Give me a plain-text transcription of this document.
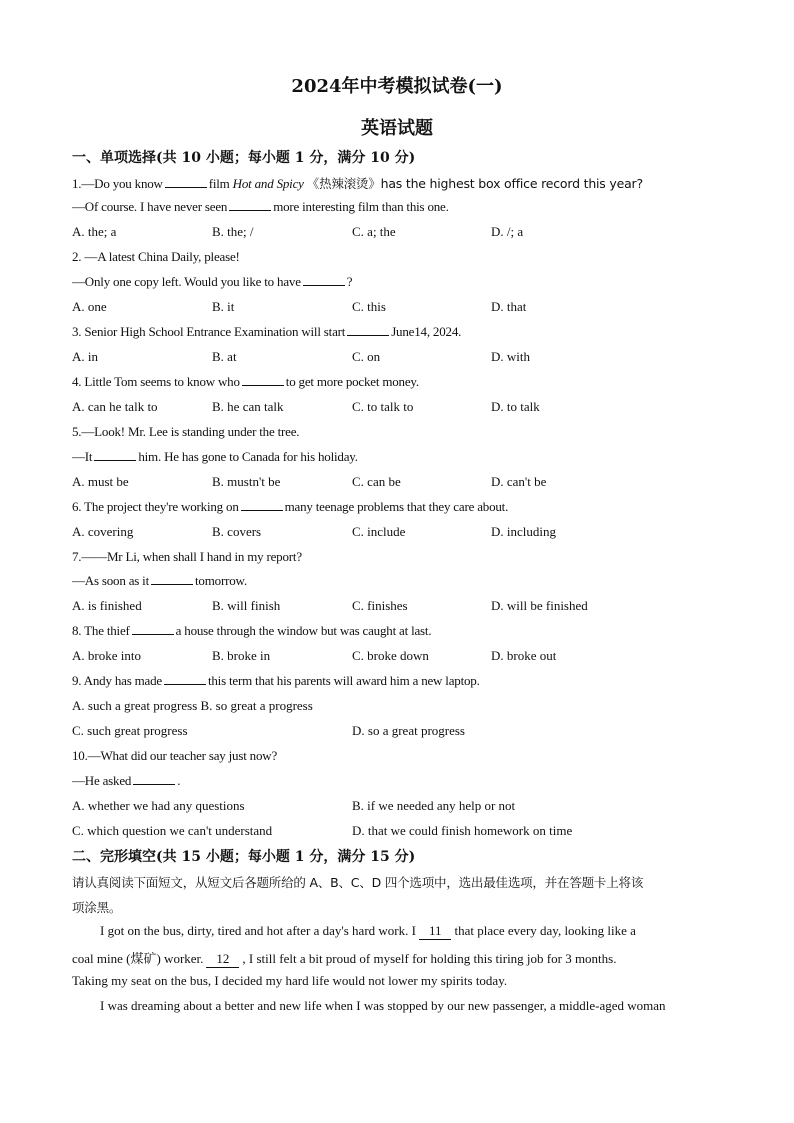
2024年中考模拟试卷(一)
英语试题
一、单项选择(共 10 小题；每小题 1 分，满分 10 分)
1.—Do you know	film Hot and Spicy 《热辣滚烫》has the highest box office record this year?
—Of course. I have never seen	more interesting film than this one.
A. the; a	B. the; /	C. a; the	D. /; a
2. —A latest China Daily, please!
—Only one copy left. Would you like to have	?
A. one	B. it	C. this	D. that
3. Senior High School Entrance Examination will start	June14, 2024.
A. in	B. at	C. on	D. with
4. Little Tom seems to know who	to get more pocket money.
A. can he talk to	B. he can talk	C. to talk to	D. to talk
5.—Look! Mr. Lee is standing under the tree.
—It	him. He has gone to Canada for his holiday.
A. must be	B. mustn't be	C. can be	D. can't be
6. The project they're working on	many teenage problems that they care about.
A. covering	B. covers	C. include	D. including
7.——Mr Li, when shall I hand in my report?
—As soon as it	tomorrow.
A. is finished	B. will finish	C. finishes	D. will be finished
8. The thief	a house through the window but was caught at last.
A. broke into	B. broke in	C. broke down	D. broke out
9. Andy has made	this term that his parents will award him a new laptop.
A. such a great progress B. so great a progress
C. such great progress	D. so a great progress
10.—What did our teacher say just now?
—He asked	.
A. whether we had any questions	B. if we needed any help or not
C. which question we can't understand	D. that we could finish homework on time
二、完形填空(共 15 小题；每小题 1 分，满分 15 分)
请认真阅读下面短文，从短文后各题所给的 A、B、C、D 四个选项中，选出最佳选项，并在答题卡上将该
项涂黑。
I got on the bus, dirty, tired and hot after a day's hard work. I 11 that place every day, looking like a
coal mine (煤矿) worker. 12 , I still felt a bit proud of myself for holding this tiring job for 3 months.
Taking my seat on the bus, I decided my hard life would not lower my spirits today.
I was dreaming about a better and new life when I was stopped by our new passenger, a middle-aged woman
